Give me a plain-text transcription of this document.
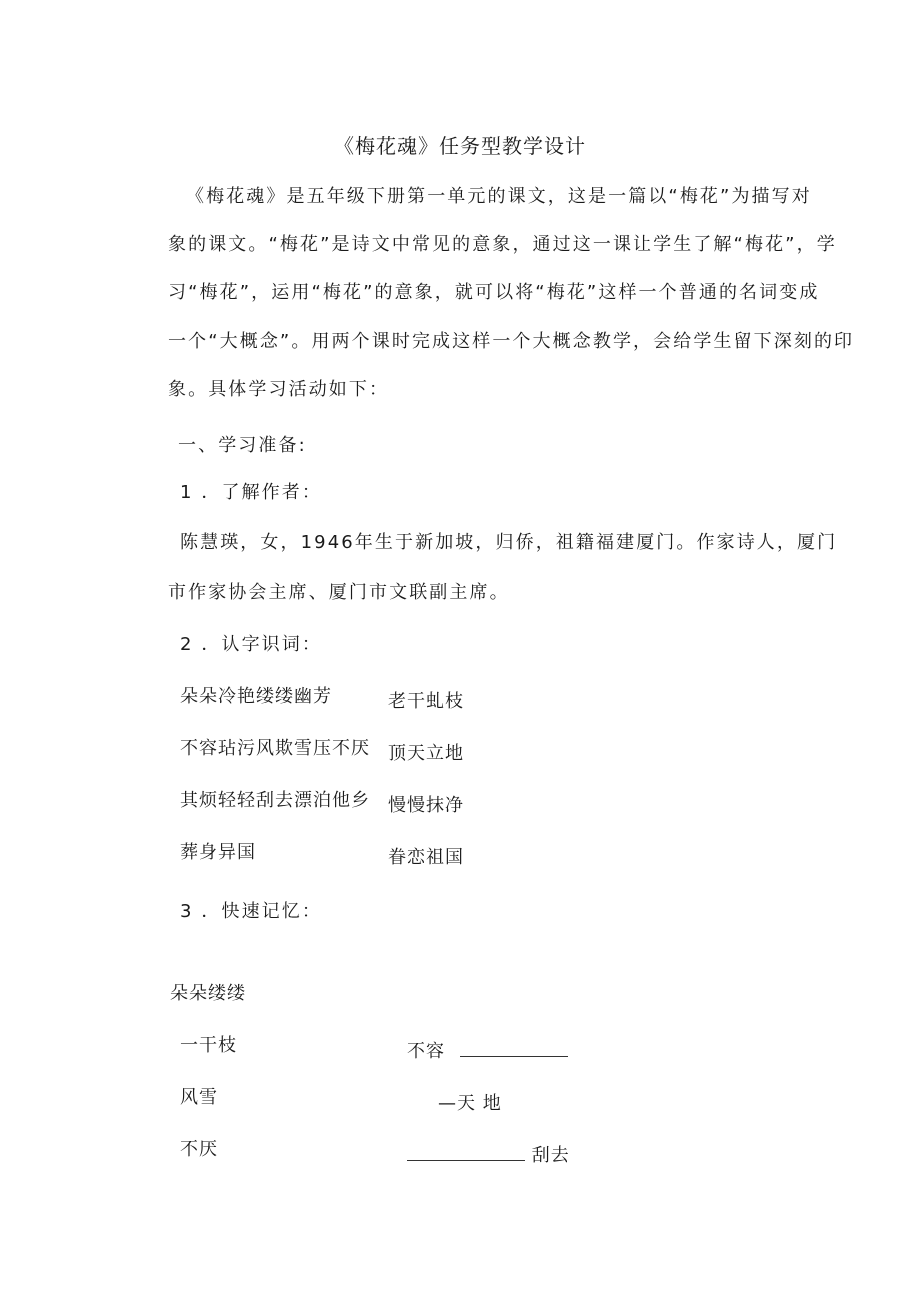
《梅花魂》任务型教学设计
《梅花魂》是五年级下册第一单元的课文，这是一篇以“梅花”为描写对
象的课文。“梅花”是诗文中常见的意象，通过这一课让学生了解“梅花”，学
习“梅花”，运用“梅花”的意象，就可以将“梅花”这样一个普通的名词变成
一个“大概念”。用两个课时完成这样一个大概念教学，会给学生留下深刻的印
象。具体学习活动如下：
一、学习准备:
1 ．了解作者：
陈慧瑛，女，1946年生于新加坡，归侨，祖籍福建厦门。作家诗人，厦门
市作家协会主席、厦门市文联副主席。
2 ．认字识词：
朵朵冷艳缕缕幽芳	老干虬枝
不容玷污风欺雪压不厌 顶天立地
其烦轻轻刮去漂泊他乡 慢慢抹净
葬身异国	眷恋祖国
3 ．快速记忆：
朵朵缕缕
一干枝
风雪
不厌
不容
—天 地
刮去
